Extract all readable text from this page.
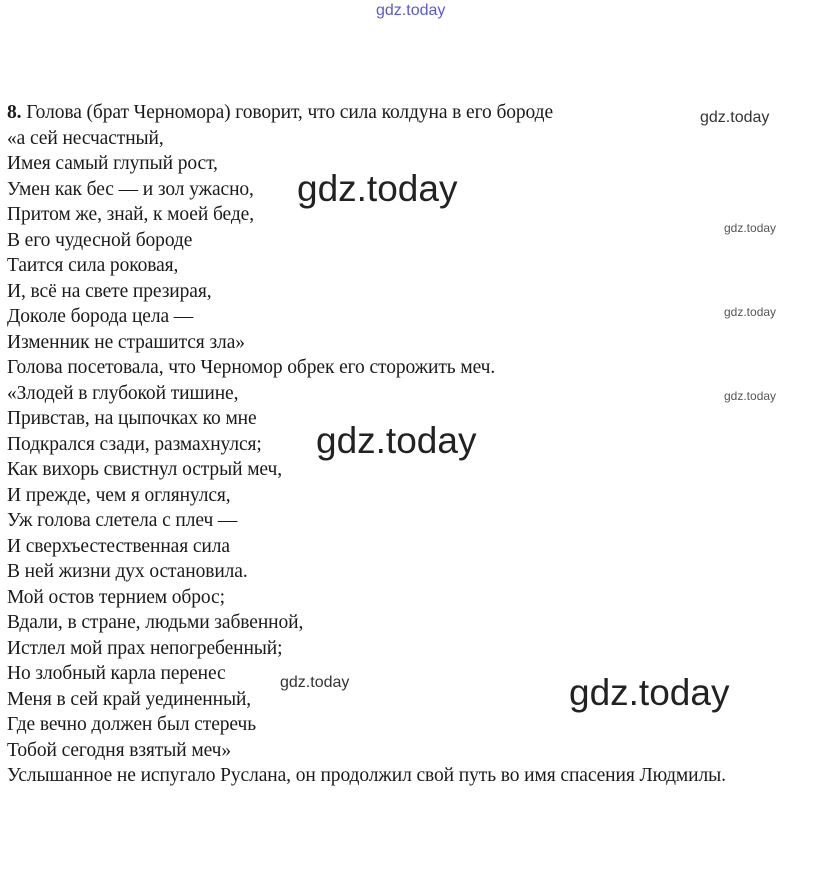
gdz.today
8. Голова (брат Черномора) говорит, что сила колдуна в его бороде
«а сей несчастный,
Имея самый глупый рост,
Умен как бес — и зол ужасно,
Притом же, знай, к моей беде,
В его чудесной бороде
Таится сила роковая,
И, всё на свете презирая,
Доколе борода цела —
Изменник не страшится зла»
Голова посетовала, что Черномор обрек его сторожить меч.
«Злодей в глубокой тишине,
Привстав, на цыпочках ко мне
Подкрался сзади, размахнулся;
Как вихорь свистнул острый меч,
И прежде, чем я оглянулся,
Уж голова слетела с плеч —
И сверхъестественная сила
В ней жизни дух остановила.
Мой остов тернием оброс;
Вдали, в стране, людьми забвенной,
Истлел мой прах непогребенный;
Но злобный карла перенес
Меня в сей край уединенный,
Где вечно должен был стеречь
Тобой сегодня взятый меч»
Услышанное не испугало Руслана, он продолжил свой путь во имя спасения Людмилы.
gdz.today
gdz.today
gdz.today
gdz.today
gdz.today
gdz.today
gdz.today	gdz.today
